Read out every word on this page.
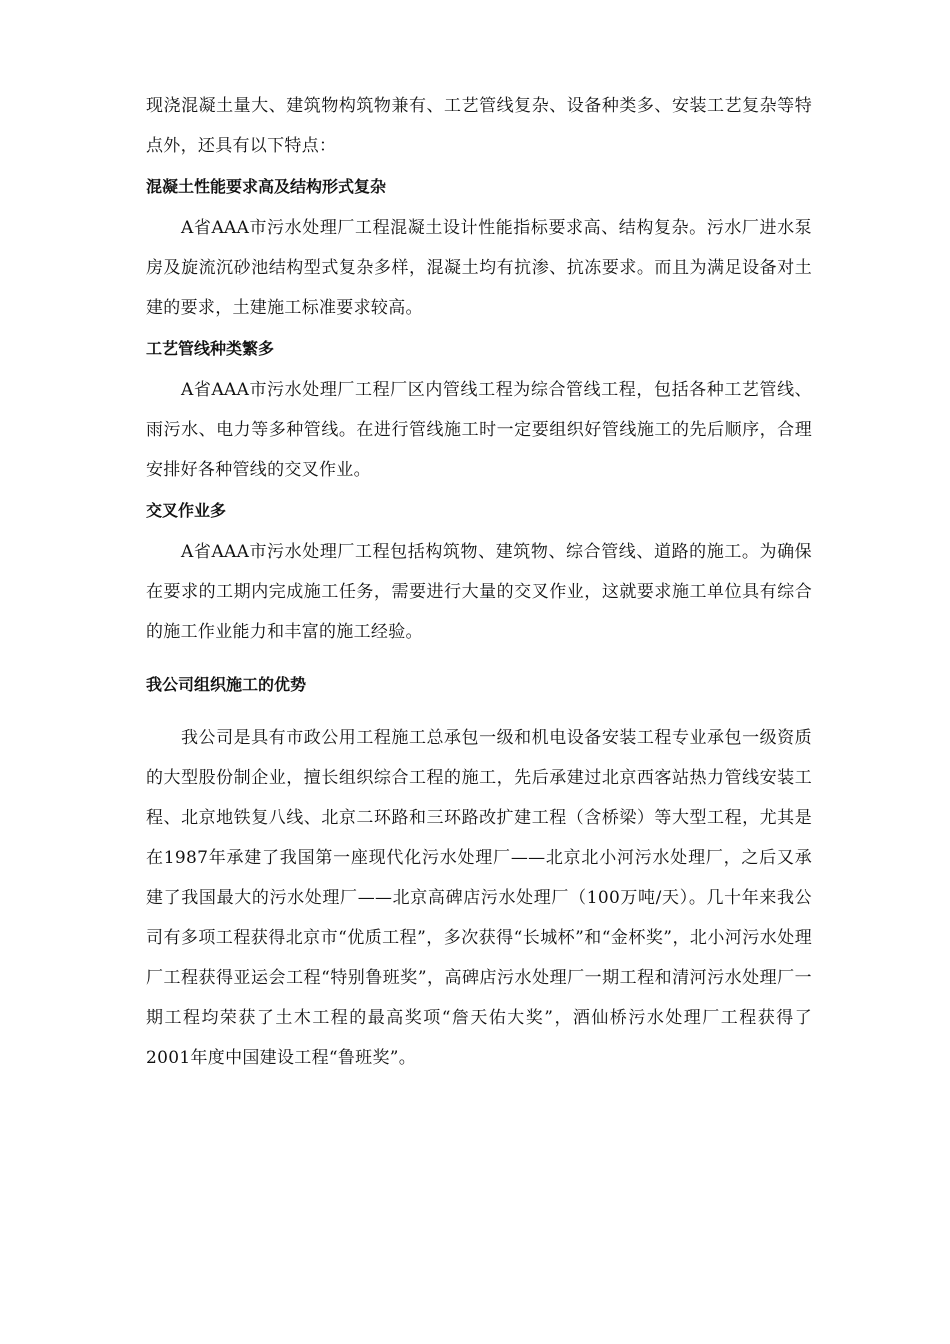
现浇混凝土量大、建筑物构筑物兼有、工艺管线复杂、设备种类多、安装工艺复杂等特点外，还具有以下特点：

混凝土性能要求高及结构形式复杂

A省AAA市污水处理厂工程混凝土设计性能指标要求高、结构复杂。污水厂进水泵房及旋流沉砂池结构型式复杂多样，混凝土均有抗渗、抗冻要求。而且为满足设备对土建的要求，土建施工标准要求较高。

工艺管线种类繁多

A省AAA市污水处理厂工程厂区内管线工程为综合管线工程，包括各种工艺管线、雨污水、电力等多种管线。在进行管线施工时一定要组织好管线施工的先后顺序，合理安排好各种管线的交叉作业。

交叉作业多

A省AAA市污水处理厂工程包括构筑物、建筑物、综合管线、道路的施工。为确保在要求的工期内完成施工任务，需要进行大量的交叉作业，这就要求施工单位具有综合的施工作业能力和丰富的施工经验。

我公司组织施工的优势

我公司是具有市政公用工程施工总承包一级和机电设备安装工程专业承包一级资质的大型股份制企业，擅长组织综合工程的施工，先后承建过北京西客站热力管线安装工程、北京地铁复八线、北京二环路和三环路改扩建工程（含桥梁）等大型工程，尤其是在1987年承建了我国第一座现代化污水处理厂——北京北小河污水处理厂，之后又承建了我国最大的污水处理厂——北京高碑店污水处理厂（100万吨/天）。几十年来我公司有多项工程获得北京市“优质工程”，多次获得“长城杯”和“金杯奖”，北小河污水处理厂工程获得亚运会工程“特别鲁班奖”，高碑店污水处理厂一期工程和清河污水处理厂一期工程均荣获了土木工程的最高奖项“詹天佑大奖”，酒仙桥污水处理厂工程获得了2001年度中国建设工程“鲁班奖”。
